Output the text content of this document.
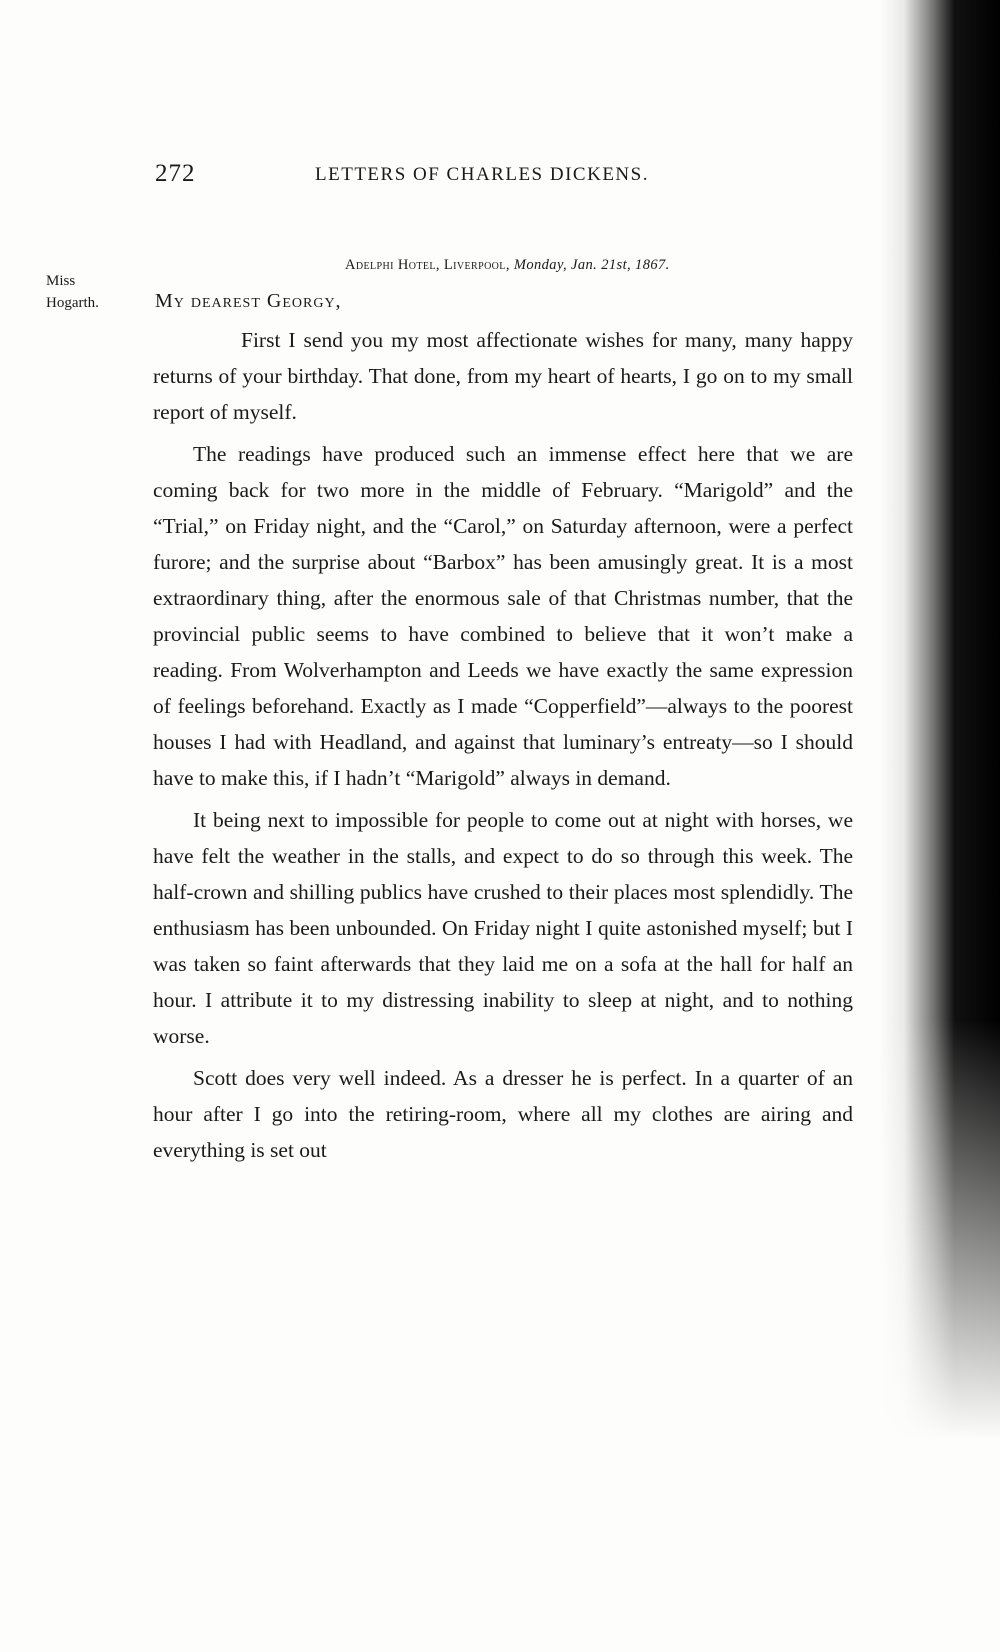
272	LETTERS OF CHARLES DICKENS.
Miss
Hogarth.
Adelphi Hotel, Liverpool, Monday, Jan. 21st, 1867.
My dearest Georgy,

First I send you my most affectionate wishes for many, many happy returns of your birthday. That done, from my heart of hearts, I go on to my small report of myself.

The readings have produced such an immense effect here that we are coming back for two more in the middle of February. “Marigold” and the “Trial,” on Friday night, and the “Carol,” on Saturday afternoon, were a perfect furore; and the surprise about “Barbox” has been amusingly great. It is a most extraordinary thing, after the enormous sale of that Christmas number, that the provincial public seems to have combined to believe that it won’t make a reading. From Wolverhampton and Leeds we have exactly the same expression of feelings beforehand. Exactly as I made “Copperfield”—always to the poorest houses I had with Headland, and against that luminary’s entreaty—so I should have to make this, if I hadn’t “Marigold” always in demand.

It being next to impossible for people to come out at night with horses, we have felt the weather in the stalls, and expect to do so through this week. The half-crown and shilling publics have crushed to their places most splendidly. The enthusiasm has been unbounded. On Friday night I quite astonished myself; but I was taken so faint afterwards that they laid me on a sofa at the hall for half an hour. I attribute it to my distressing inability to sleep at night, and to nothing worse.

Scott does very well indeed. As a dresser he is perfect. In a quarter of an hour after I go into the retiring-room, where all my clothes are airing and everything is set out
